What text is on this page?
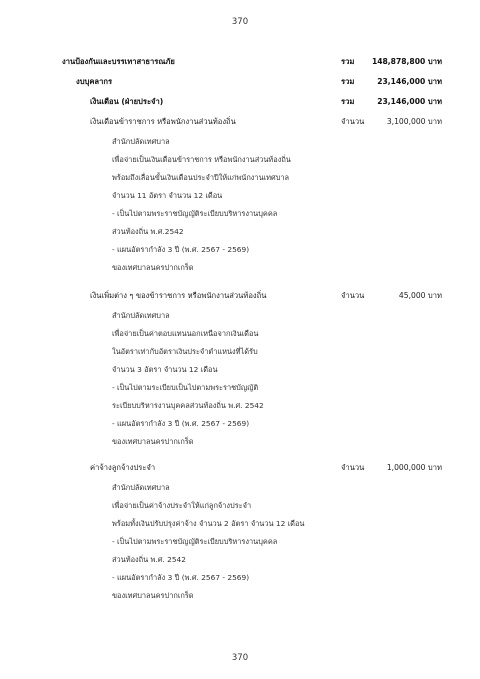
370
งานป้องกันและบรรเทาสาธารณภัย	รวม	148,878,800 บาท
งบบุคลากร	รวม	23,146,000 บาท
เงินเดือน (ฝ่ายประจำ)	รวม	23,146,000 บาท
เงินเดือนข้าราชการ หรือพนักงานส่วนท้องถิ่น	จำนวน	3,100,000 บาท
สำนักปลัดเทศบาล
เพื่อจ่ายเป็นเงินเดือนข้าราชการ หรือพนักงานส่วนท้องถิ่น
พร้อมถึงเลื่อนขั้นเงินเดือนประจำปีให้แก่พนักงานเทศบาล
จำนวน 11 อัตรา จำนวน 12 เดือน
- เป็นไปตามพระราชบัญญัติระเบียบบริหารงานบุคคล
ส่วนท้องถิ่น พ.ศ.2542
- แผนอัตรากำลัง 3 ปี (พ.ศ. 2567 - 2569)
ของเทศบาลนครปากเกร็ด
เงินเพิ่มต่าง ๆ ของข้าราชการ หรือพนักงานส่วนท้องถิ่น	จำนวน	45,000 บาท
สำนักปลัดเทศบาล
เพื่อจ่ายเป็นค่าตอบแทนนอกเหนือจากเงินเดือน
ในอัตราเท่ากับอัตราเงินประจำตำแหน่งที่ได้รับ
จำนวน 3 อัตรา จำนวน 12 เดือน
- เป็นไปตามระเบียบเป็นไปตามพระราชบัญญัติ
ระเบียบบริหารงานบุคคลส่วนท้องถิ่น พ.ศ. 2542
- แผนอัตรากำลัง 3 ปี (พ.ศ. 2567 - 2569)
ของเทศบาลนครปากเกร็ด
ค่าจ้างลูกจ้างประจำ	จำนวน	1,000,000 บาท
สำนักปลัดเทศบาล
เพื่อจ่ายเป็นค่าจ้างประจำให้แก่ลูกจ้างประจำ
พร้อมทั้งเงินปรับปรุงค่าจ้าง จำนวน 2 อัตรา จำนวน 12 เดือน
- เป็นไปตามพระราชบัญญัติระเบียบบริหารงานบุคคล
ส่วนท้องถิ่น พ.ศ. 2542
- แผนอัตรากำลัง 3 ปี (พ.ศ. 2567 - 2569)
ของเทศบาลนครปากเกร็ด
370
